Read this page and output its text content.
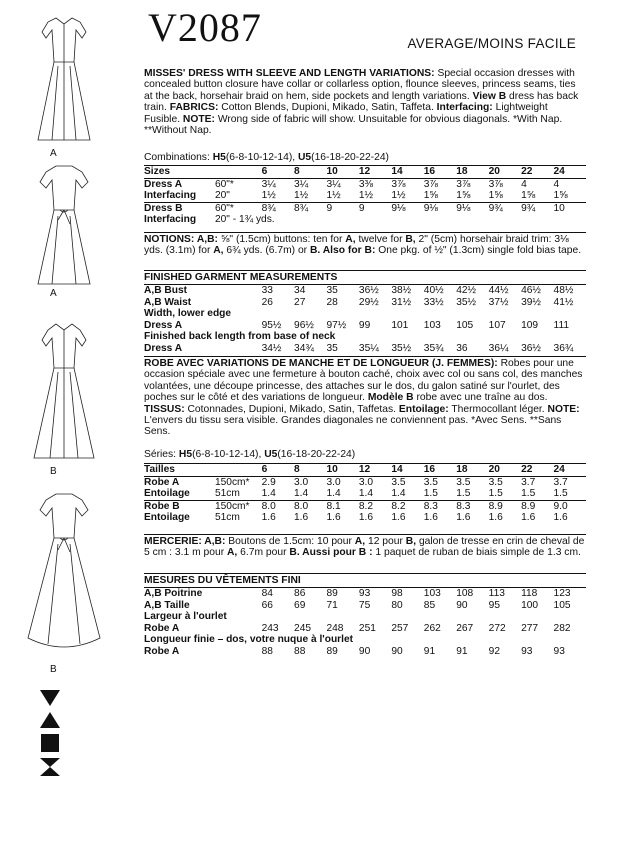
V2087	AVERAGE/MOINS FACILE
A
A
B
B

MISSES' DRESS WITH SLEEVE AND LENGTH VARIATIONS: Special occasion dresses with concealed button closure have collar or collarless option, flounce sleeves, princess seams, ties at the back, horsehair braid on hem, side pockets and length variations. View B dress has back train. FABRICS: Cotton Blends, Dupioni, Mikado, Satin, Taffeta. Interfacing: Lightweight Fusible. NOTE: Wrong side of fabric will show. Unsuitable for obvious diagonals. *With Nap. **Without Nap.

Combinations: H5(6-8-10-12-14), U5(16-18-20-22-24)
Sizes		6	8	10	12	14	16	18	20	22	24
Dress A	60"*	3¼	3¼	3¼	3⅜	3⅞	3⅞	3⅞	3⅞	4	4
Interfacing	20"	1½	1½	1½	1½	1½	1⅝	1⅝	1⅝	1⅝	1⅝
Dress B	60"*	8¾	8¾	9	9	9⅛	9⅛	9⅛	9¾	9¾	10
Interfacing	20" - 1¾ yds.										

NOTIONS: A,B: ⅝" (1.5cm) buttons: ten for A, twelve for B, 2" (5cm) horsehair braid trim: 3⅛ yds. (3.1m) for A, 6¾ yds. (6.7m) or B. Also for B: One pkg. of ½" (1.3cm) single fold bias tape.

FINISHED GARMENT MEASUREMENTS
A,B Bust	33	34	35	36½	38½	40½	42½	44½	46½	48½
A,B Waist	26	27	28	29½	31½	33½	35½	37½	39½	41½
Width, lower edge										
Dress A	95½	96½	97½	99	101	103	105	107	109	111
Finished back length from base of neck										
Dress A	34½	34¾	35	35¼	35½	35¾	36	36¼	36½	36¾

ROBE AVEC VARIATIONS DE MANCHE ET DE LONGUEUR (J. FEMMES): Robes pour une occasion spéciale avec une fermeture à bouton caché, choix avec col ou sans col, des manches volantées, une découpe princesse, des attaches sur le dos, du galon satiné sur l'ourlet, des poches sur le côté et des variations de longueur. Modèle B robe avec une traîne au dos. TISSUS: Cotonnades, Dupioni, Mikado, Satin, Taffetas. Entoilage: Thermocollant léger. NOTE: L'envers du tissu sera visible. Grandes diagonales ne conviennent pas. *Avec Sens. **Sans Sens.

Séries: H5(6-8-10-12-14), U5(16-18-20-22-24)
Tailles		6	8	10	12	14	16	18	20	22	24
Robe A	150cm*	2.9	3.0	3.0	3.0	3.5	3.5	3.5	3.5	3.7	3.7
Entoilage	51cm	1.4	1.4	1.4	1.4	1.4	1.5	1.5	1.5	1.5	1.5
Robe B	150cm*	8.0	8.0	8.1	8.2	8.2	8.3	8.3	8.9	8.9	9.0
Entoilage	51cm	1.6	1.6	1.6	1.6	1.6	1.6	1.6	1.6	1.6	1.6

MERCERIE: A,B: Boutons de 1.5cm: 10 pour A, 12 pour B, galon de tresse en crin de cheval de 5 cm : 3.1 m pour A, 6.7m pour B. Aussi pour B : 1 paquet de ruban de biais simple de 1.3 cm.

MESURES DU VÊTEMENTS FINI
A,B Poitrine	84	86	89	93	98	103	108	113	118	123
A,B Taille	66	69	71	75	80	85	90	95	100	105
Largeur à l'ourlet										
Robe A	243	245	248	251	257	262	267	272	277	282
Longueur finie – dos, votre nuque à l'ourlet										
Robe A	88	88	89	90	90	91	91	92	93	93
